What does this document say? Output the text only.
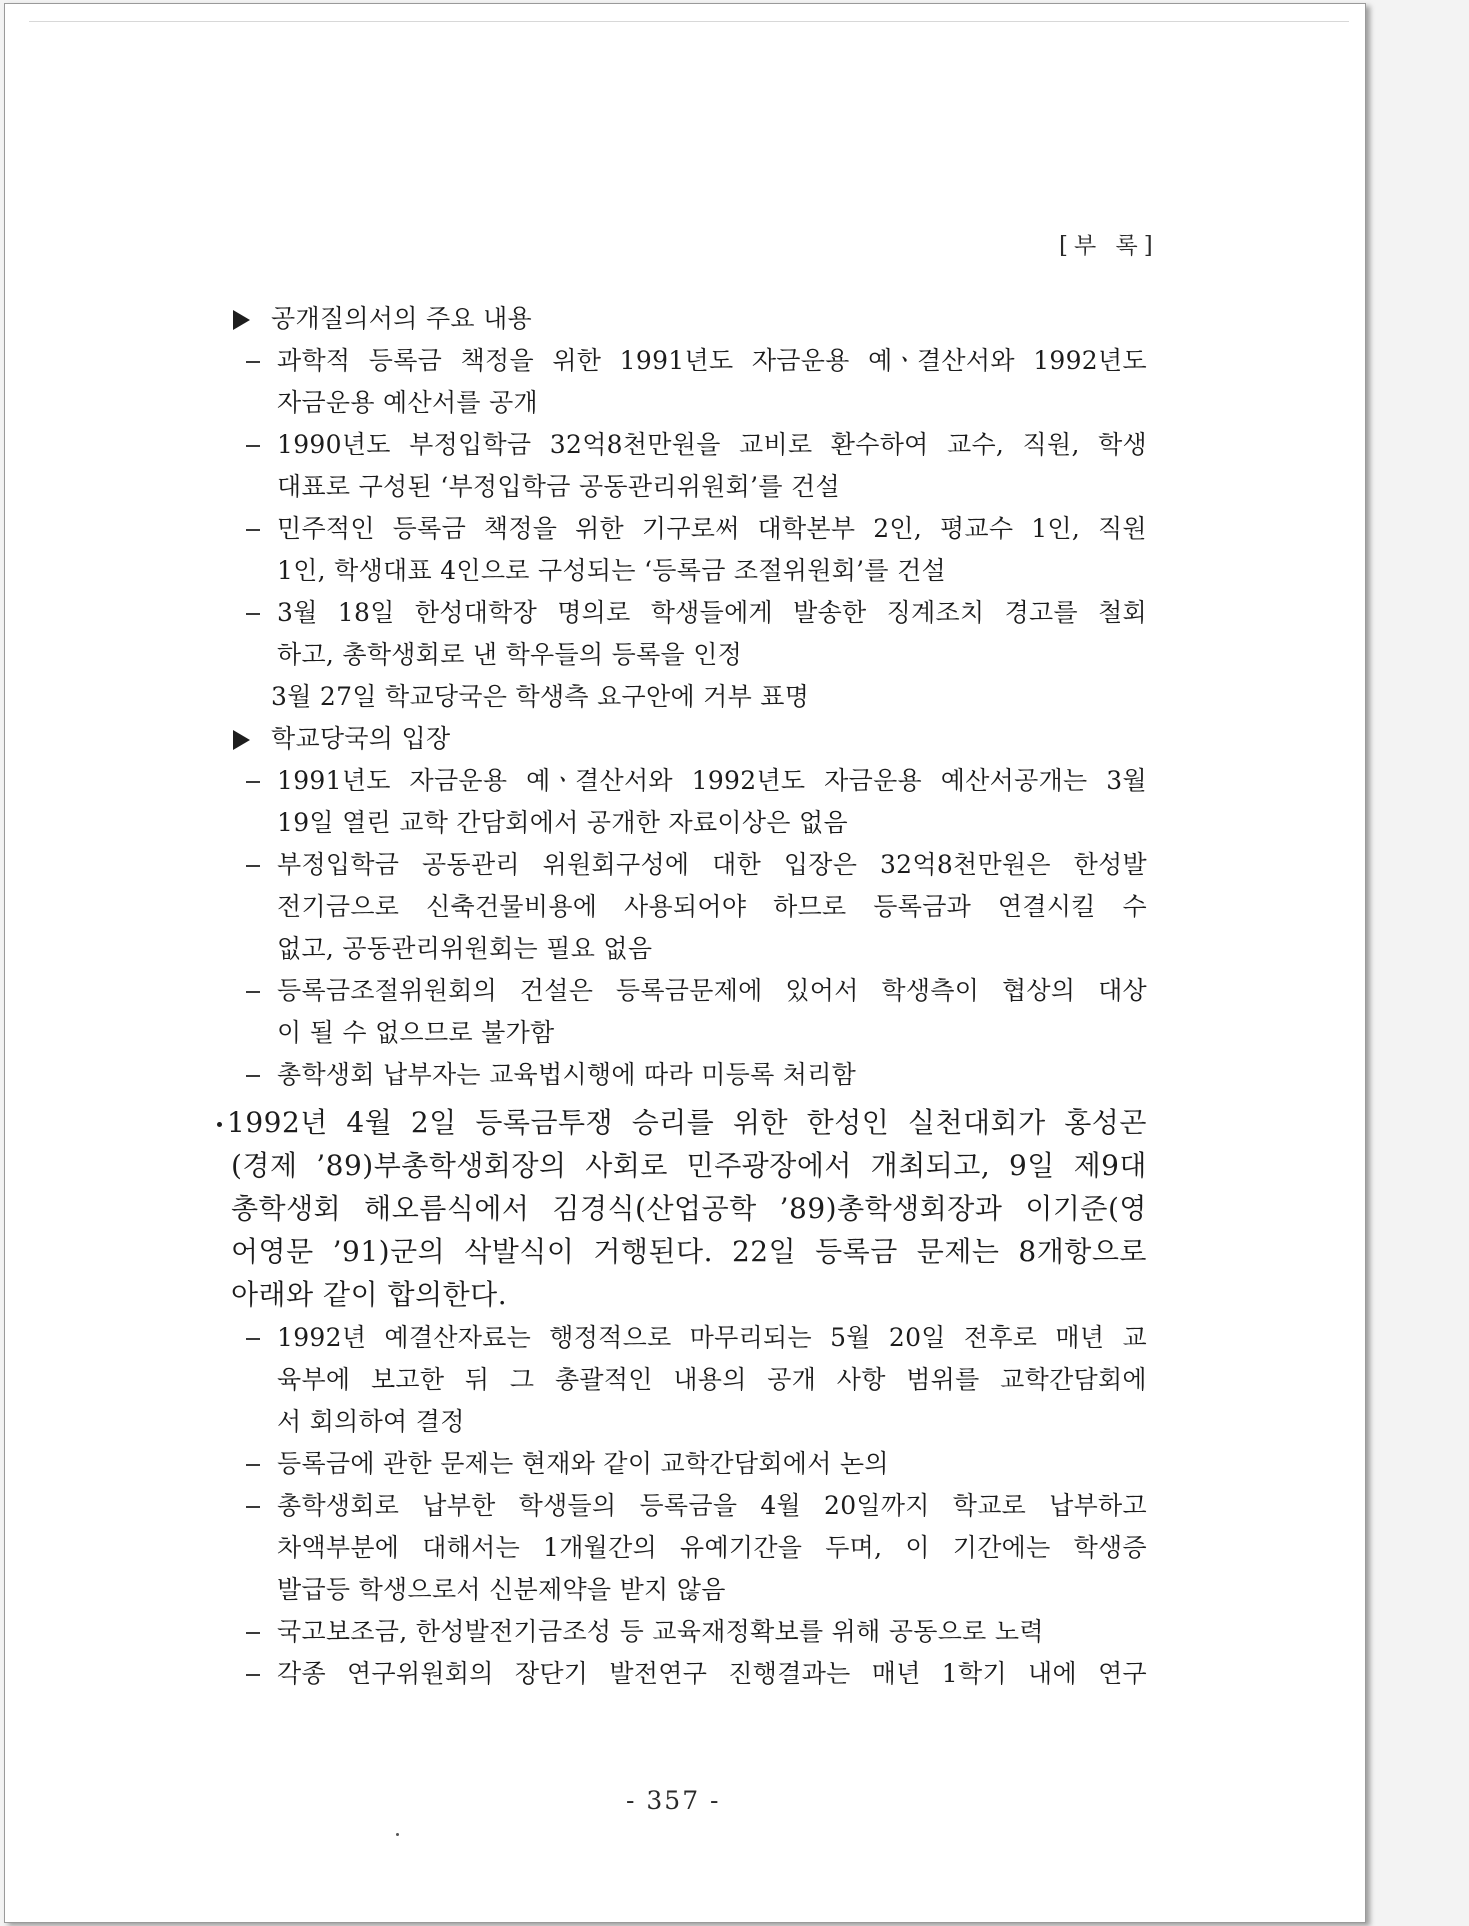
[부 록]
공개질의서의 주요 내용
과학적 등록금 책정을 위한 1991년도 자금운용 예ㆍ결산서와 1992년도
자금운용 예산서를 공개
1990년도 부정입학금 32억8천만원을 교비로 환수하여 교수, 직원, 학생
대표로 구성된 ‘부정입학금 공동관리위원회’를 건설
민주적인 등록금 책정을 위한 기구로써 대학본부 2인, 평교수 1인, 직원
1인, 학생대표 4인으로 구성되는 ‘등록금 조절위원회’를 건설
3월 18일 한성대학장 명의로 학생들에게 발송한 징계조치 경고를 철회
하고, 총학생회로 낸 학우들의 등록을 인정
3월 27일 학교당국은 학생측 요구안에 거부 표명
학교당국의 입장
1991년도 자금운용 예ㆍ결산서와 1992년도 자금운용 예산서공개는 3월
19일 열린 교학 간담회에서 공개한 자료이상은 없음
부정입학금 공동관리 위원회구성에 대한 입장은 32억8천만원은 한성발
전기금으로 신축건물비용에 사용되어야 하므로 등록금과 연결시킬 수
없고, 공동관리위원회는 필요 없음
등록금조절위원회의 건설은 등록금문제에 있어서 학생측이 협상의 대상
이 될 수 없으므로 불가함
총학생회 납부자는 교육법시행에 따라 미등록 처리함
1992년 4월 2일 등록금투쟁 승리를 위한 한성인 실천대회가 홍성곤
(경제 ’89)부총학생회장의 사회로 민주광장에서 개최되고, 9일 제9대
총학생회 해오름식에서 김경식(산업공학 ’89)총학생회장과 이기준(영
어영문 ’91)군의 삭발식이 거행된다. 22일 등록금 문제는 8개항으로
아래와 같이 합의한다.
1992년 예결산자료는 행정적으로 마무리되는 5월 20일 전후로 매년 교
육부에 보고한 뒤 그 총괄적인 내용의 공개 사항 범위를 교학간담회에
서 회의하여 결정
등록금에 관한 문제는 현재와 같이 교학간담회에서 논의
총학생회로 납부한 학생들의 등록금을 4월 20일까지 학교로 납부하고
차액부분에 대해서는 1개월간의 유예기간을 두며, 이 기간에는 학생증
발급등 학생으로서 신분제약을 받지 않음
국고보조금, 한성발전기금조성 등 교육재정확보를 위해 공동으로 노력
각종 연구위원회의 장단기 발전연구 진행결과는 매년 1학기 내에 연구
- 357 -
